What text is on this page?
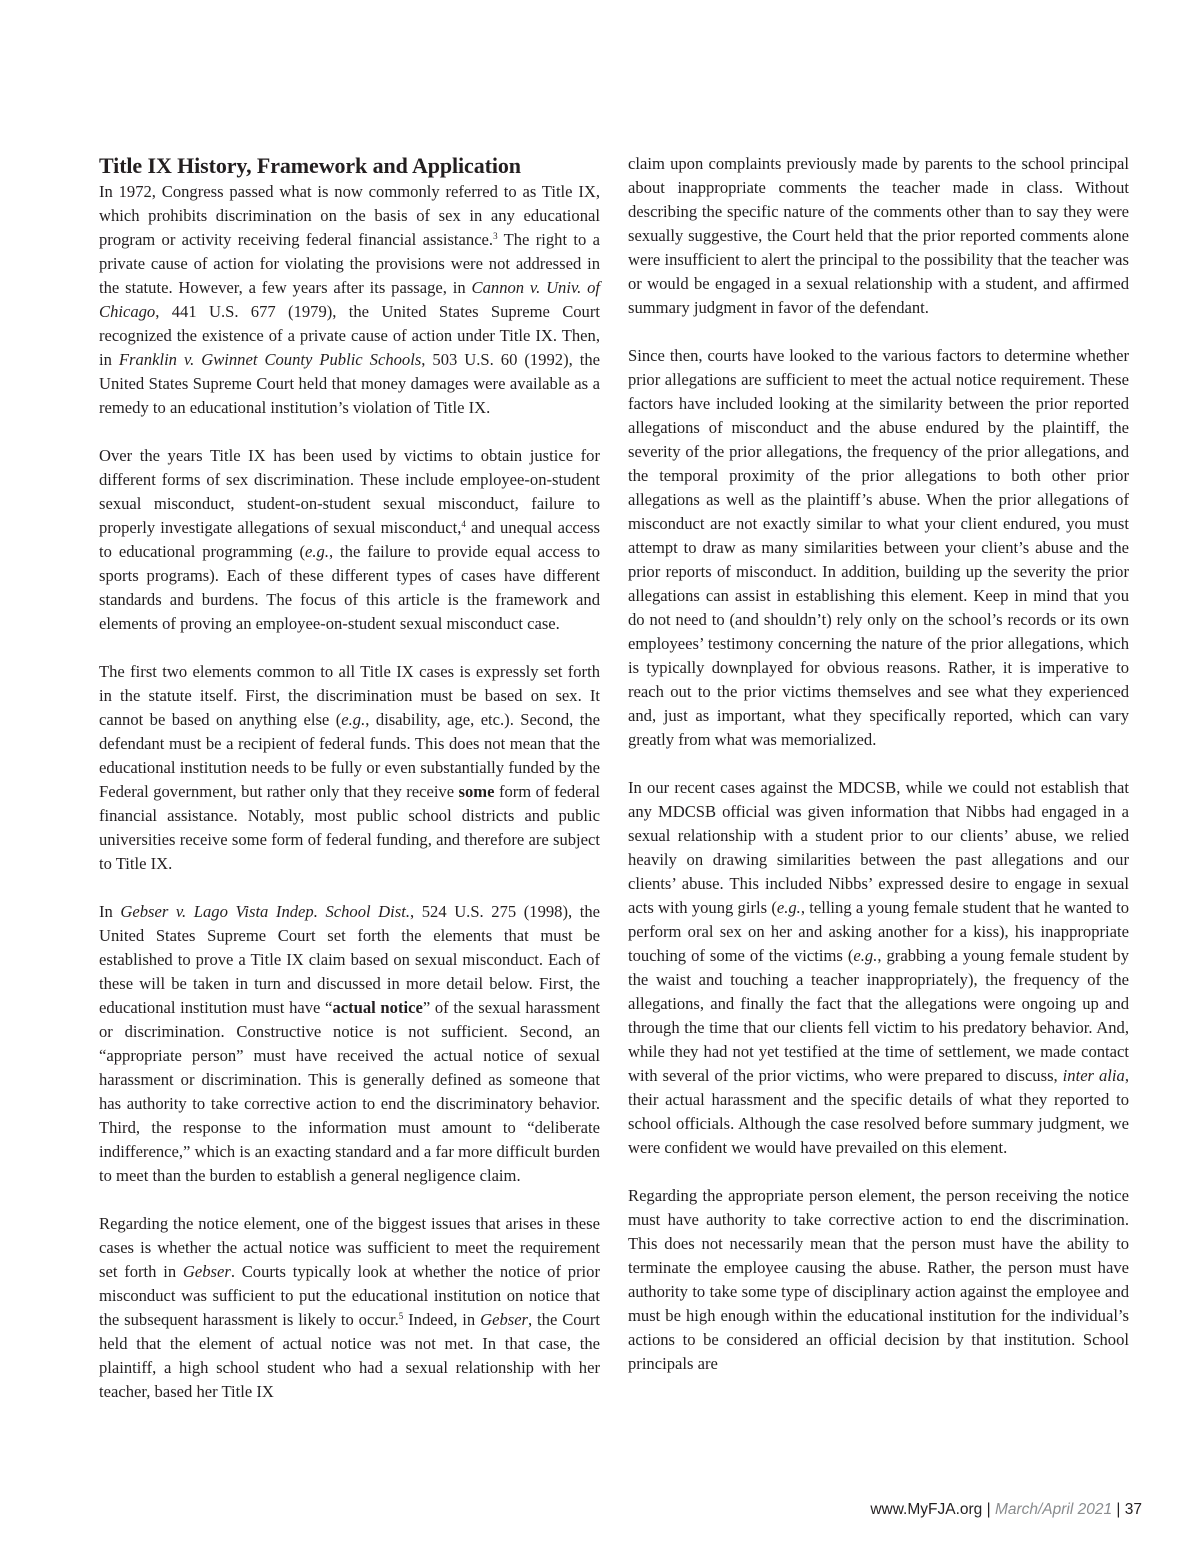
Title IX History, Framework and Application

In 1972, Congress passed what is now commonly referred to as Title IX, which prohibits discrimination on the basis of sex in any educational program or activity receiving federal financial assistance.$^3$ The right to a private cause of action for violating the provisions were not addressed in the statute. However, a few years after its passage, in Cannon v. Univ. of Chicago, 441 U.S. 677 (1979), the United States Supreme Court recognized the existence of a private cause of action under Title IX. Then, in Franklin v. Gwinnet County Public Schools, 503 U.S. 60 (1992), the United States Supreme Court held that money damages were available as a remedy to an educational institution’s violation of Title IX.

Over the years Title IX has been used by victims to obtain justice for different forms of sex discrimination. These include employee-on-student sexual misconduct, student-on-student sexual misconduct, failure to properly investigate allegations of sexual misconduct,$^4$ and unequal access to educational programming (e.g., the failure to provide equal access to sports programs). Each of these different types of cases have different standards and burdens. The focus of this article is the framework and elements of proving an employee-on-student sexual misconduct case.

The first two elements common to all Title IX cases is expressly set forth in the statute itself. First, the discrimination must be based on sex. It cannot be based on anything else (e.g., disability, age, etc.). Second, the defendant must be a recipient of federal funds. This does not mean that the educational institution needs to be fully or even substantially funded by the Federal government, but rather only that they receive some form of federal financial assistance. Notably, most public school districts and public universities receive some form of federal funding, and therefore are subject to Title IX.

In Gebser v. Lago Vista Indep. School Dist., 524 U.S. 275 (1998), the United States Supreme Court set forth the elements that must be established to prove a Title IX claim based on sexual misconduct. Each of these will be taken in turn and discussed in more detail below. First, the educational institution must have “actual notice” of the sexual harassment or discrimination. Constructive notice is not sufficient. Second, an “appropriate person” must have received the actual notice of sexual harassment or discrimination. This is generally defined as someone that has authority to take corrective action to end the discriminatory behavior. Third, the response to the information must amount to “deliberate indifference,” which is an exacting standard and a far more difficult burden to meet than the burden to establish a general negligence claim.

Regarding the notice element, one of the biggest issues that arises in these cases is whether the actual notice was sufficient to meet the requirement set forth in Gebser. Courts typically look at whether the notice of prior misconduct was sufficient to put the educational institution on notice that the subsequent harassment is likely to occur.$^5$ Indeed, in Gebser, the Court held that the element of actual notice was not met. In that case, the plaintiff, a high school student who had a sexual relationship with her teacher, based her Title IX

claim upon complaints previously made by parents to the school principal about inappropriate comments the teacher made in class. Without describing the specific nature of the comments other than to say they were sexually suggestive, the Court held that the prior reported comments alone were insufficient to alert the principal to the possibility that the teacher was or would be engaged in a sexual relationship with a student, and affirmed summary judgment in favor of the defendant.

Since then, courts have looked to the various factors to determine whether prior allegations are sufficient to meet the actual notice requirement. These factors have included looking at the similarity between the prior reported allegations of misconduct and the abuse endured by the plaintiff, the severity of the prior allegations, the frequency of the prior allegations, and the temporal proximity of the prior allegations to both other prior allegations as well as the plaintiff’s abuse. When the prior allegations of misconduct are not exactly similar to what your client endured, you must attempt to draw as many similarities between your client’s abuse and the prior reports of misconduct. In addition, building up the severity the prior allegations can assist in establishing this element. Keep in mind that you do not need to (and shouldn’t) rely only on the school’s records or its own employees’ testimony concerning the nature of the prior allegations, which is typically downplayed for obvious reasons. Rather, it is imperative to reach out to the prior victims themselves and see what they experienced and, just as important, what they specifically reported, which can vary greatly from what was memorialized.

In our recent cases against the MDCSB, while we could not establish that any MDCSB official was given information that Nibbs had engaged in a sexual relationship with a student prior to our clients’ abuse, we relied heavily on drawing similarities between the past allegations and our clients’ abuse. This included Nibbs’ expressed desire to engage in sexual acts with young girls (e.g., telling a young female student that he wanted to perform oral sex on her and asking another for a kiss), his inappropriate touching of some of the victims (e.g., grabbing a young female student by the waist and touching a teacher inappropriately), the frequency of the allegations, and finally the fact that the allegations were ongoing up and through the time that our clients fell victim to his predatory behavior. And, while they had not yet testified at the time of settlement, we made contact with several of the prior victims, who were prepared to discuss, inter alia, their actual harassment and the specific details of what they reported to school officials. Although the case resolved before summary judgment, we were confident we would have prevailed on this element.

Regarding the appropriate person element, the person receiving the notice must have authority to take corrective action to end the discrimination. This does not necessarily mean that the person must have the ability to terminate the employee causing the abuse. Rather, the person must have authority to take some type of disciplinary action against the employee and must be high enough within the educational institution for the individual’s actions to be considered an official decision by that institution. School principals are

www.MyFJA.org | March/April 2021 | 37
